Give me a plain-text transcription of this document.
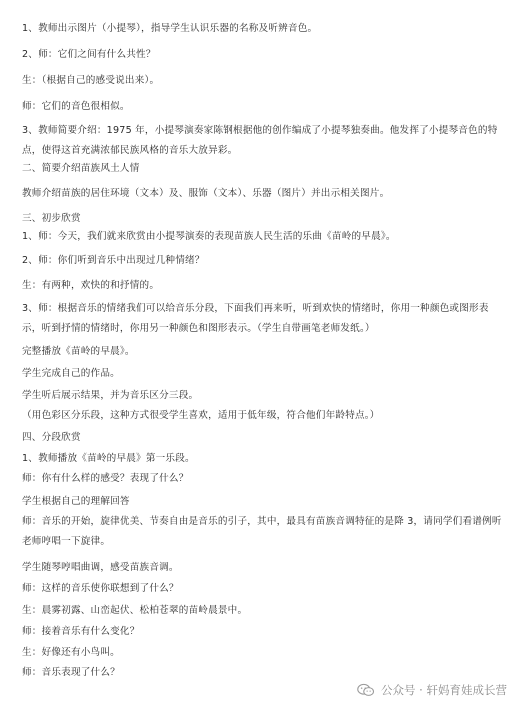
1、教师出示图片（小提琴），指导学生认识乐器的名称及听辨音色。
2、师：它们之间有什么共性？
生：（根据自己的感受说出来）。
师：它们的音色很相似。
3、教师简要介绍：1975 年，小提琴演奏家陈钢根据他的创作编成了小提琴独奏曲。他发挥了小提琴音色的特点，使得这首充满浓郁民族风格的音乐大放异彩。
二、简要介绍苗族风土人情
教师介绍苗族的居住环境（文本）及、服饰（文本）、乐器（图片）并出示相关图片。
三、初步欣赏
1、师：今天，我们就来欣赏由小提琴演奏的表现苗族人民生活的乐曲《苗岭的早晨》。
2、师：你们听到音乐中出现过几种情绪？
生：有两种，欢快的和抒情的。
3、师：根据音乐的情绪我们可以给音乐分段，下面我们再来听，听到欢快的情绪时，你用一种颜色或图形表示，听到抒情的情绪时，你用另一种颜色和图形表示。（学生自带画笔老师发纸。）
完整播放《苗岭的早晨》。
学生完成自己的作品。
学生听后展示结果，并为音乐区分三段。
（用色彩区分乐段，这种方式很受学生喜欢，适用于低年级，符合他们年龄特点。）
四、分段欣赏
1、教师播放《苗岭的早晨》第一乐段。
师：你有什么样的感受？表现了什么？
学生根据自己的理解回答
师：音乐的开始，旋律优美、节奏自由是音乐的引子，其中，最具有苗族音调特征的是降 3，请同学们看谱例听老师哼唱一下旋律。
学生随琴哼唱曲调，感受苗族音调。
师：这样的音乐使你联想到了什么？
生：晨雾初露、山峦起伏、松柏苍翠的苗岭晨景中。
师：接着音乐有什么变化？
生：好像还有小鸟叫。
师：音乐表现了什么？
公众号 · 轩妈育娃成长营
